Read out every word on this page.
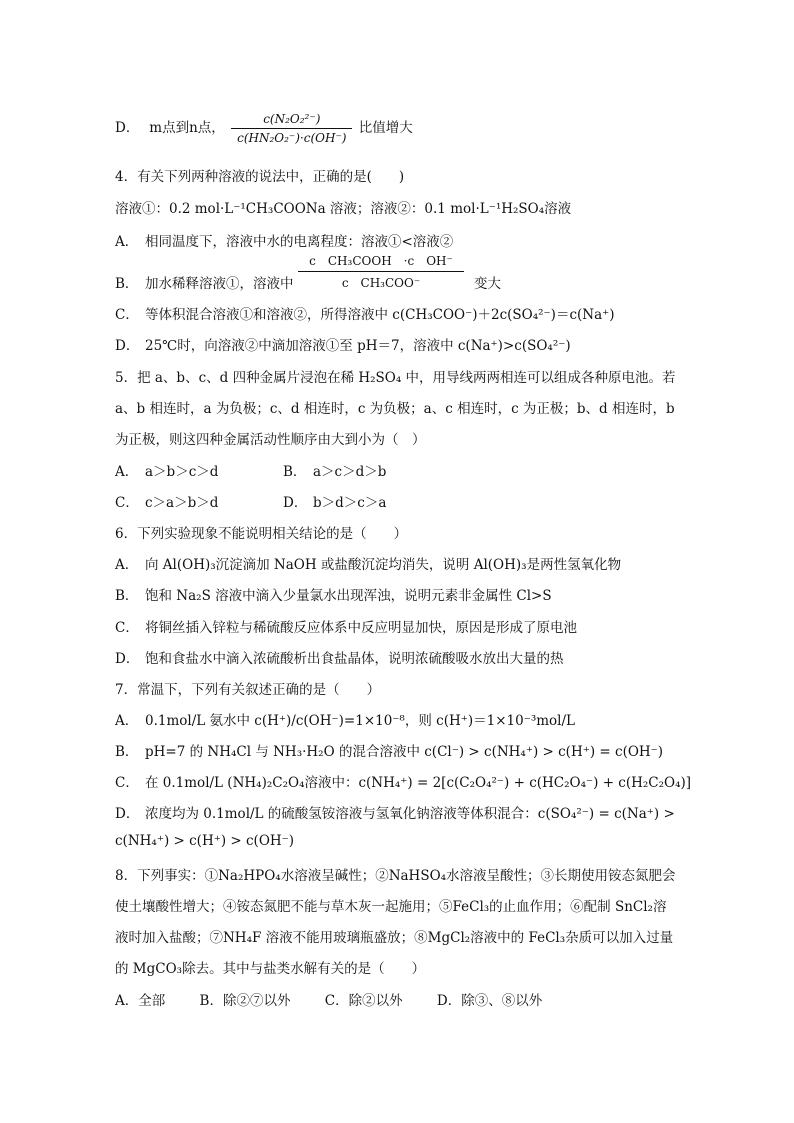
D． m点到n点， $\frac{\text{c(N₂O₂²⁻)}}{\text{c(HN₂O₂⁻)·c(OH⁻)}}$ 比值增大
4．有关下列两种溶液的说法中，正确的是(　　)
溶液①：0.2 mol·L⁻¹CH₃COONa 溶液；溶液②：0.1 mol·L⁻¹H₂SO₄溶液
A． 相同温度下，溶液中水的电离程度：溶液①<溶液②
B． 加水稀释溶液①，溶液中
c　CH₃COOH　·c　OH⁻
c　CH₃COO⁻	变大
C． 等体积混合溶液①和溶液②，所得溶液中 c(CH₃COO⁻)＋2c(SO₄²⁻)＝c(Na⁺)
D． 25℃时，向溶液②中滴加溶液①至 pH＝7，溶液中 c(Na⁺)>c(SO₄²⁻)
5．把 a、b、c、d 四种金属片浸泡在稀 H₂SO₄ 中，用导线两两相连可以组成各种原电池。若
a、b 相连时，a 为负极；c、d 相连时，c 为负极；a、c 相连时，c 为正极；b、d 相连时，b
为正极，则这四种金属活动性顺序由大到小为（　）
A． a＞b＞c＞d	B． a＞c＞d＞b
C． c＞a＞b＞d	D． b＞d＞c＞a
6．下列实验现象不能说明相关结论的是（　　）
A． 向 Al(OH)₃沉淀滴加 NaOH 或盐酸沉淀均消失，说明 Al(OH)₃是两性氢氧化物
B． 饱和 Na₂S 溶液中滴入少量氯水出现浑浊，说明元素非金属性 Cl>S
C． 将铜丝插入锌粒与稀硫酸反应体系中反应明显加快，原因是形成了原电池
D． 饱和食盐水中滴入浓硫酸析出食盐晶体，说明浓硫酸吸水放出大量的热
7．常温下，下列有关叙述正确的是（　　）
A． 0.1mol/L 氨水中 c(H⁺)/c(OH⁻)=1×10⁻⁸，则 c(H⁺)＝1×10⁻³mol/L
B． pH=7 的 NH₄Cl 与 NH₃·H₂O 的混合溶液中 c(Cl⁻) > c(NH₄⁺) > c(H⁺) = c(OH⁻)
C． 在 0.1mol/L (NH₄)₂C₂O₄溶液中：c(NH₄⁺) = 2[c(C₂O₄²⁻) + c(HC₂O₄⁻) + c(H₂C₂O₄)]
D． 浓度均为 0.1mol/L 的硫酸氢铵溶液与氢氧化钠溶液等体积混合：c(SO₄²⁻) = c(Na⁺) >
c(NH₄⁺) > c(H⁺) > c(OH⁻)
8．下列事实：①Na₂HPO₄水溶液呈碱性；②NaHSO₄水溶液呈酸性；③长期使用铵态氮肥会
使土壤酸性增大；④铵态氮肥不能与草木灰一起施用；⑤FeCl₃的止血作用；⑥配制 SnCl₂溶
液时加入盐酸；⑦NH₄F 溶液不能用玻璃瓶盛放；⑧MgCl₂溶液中的 FeCl₃杂质可以加入过量
的 MgCO₃除去。其中与盐类水解有关的是（　　）
A．全部	B．除②⑦以外	C．除②以外	D．除③、⑧以外
